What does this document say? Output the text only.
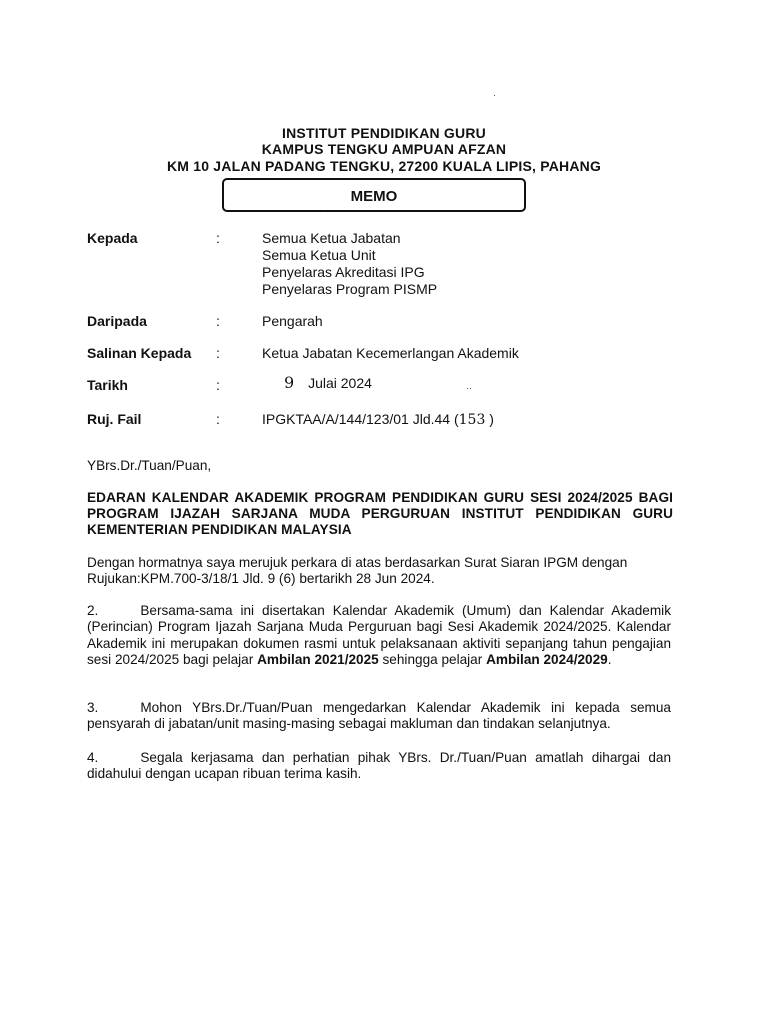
INSTITUT PENDIDIKAN GURU
KAMPUS TENGKU AMPUAN AFZAN
KM 10 JALAN PADANG TENGKU, 27200 KUALA LIPIS, PAHANG
MEMO
Kepada	:	Semua Ketua Jabatan
Semua Ketua Unit
Penyelaras Akreditasi IPG
Penyelaras Program PISMP
Daripada	:	Pengarah
Salinan Kepada :	Ketua Jabatan Kecemerlangan Akademik
Tarikh	:	9 Julai 2024
Ruj. Fail	:	IPGKTAA/A/144/123/01 Jld.44 (153 )
YBrs.Dr./Tuan/Puan,
EDARAN KALENDAR AKADEMIK PROGRAM PENDIDIKAN GURU SESI 2024/2025 BAGI PROGRAM IJAZAH SARJANA MUDA PERGURUAN INSTITUT PENDIDIKAN GURU KEMENTERIAN PENDIDIKAN MALAYSIA
Dengan hormatnya saya merujuk perkara di atas berdasarkan Surat Siaran IPGM dengan Rujukan:KPM.700-3/18/1 Jld. 9 (6) bertarikh 28 Jun 2024.
2.	Bersama-sama ini disertakan Kalendar Akademik (Umum) dan Kalendar Akademik (Perincian) Program Ijazah Sarjana Muda Perguruan bagi Sesi Akademik 2024/2025. Kalendar Akademik ini merupakan dokumen rasmi untuk pelaksanaan aktiviti sepanjang tahun pengajian sesi 2024/2025 bagi pelajar Ambilan 2021/2025 sehingga pelajar Ambilan 2024/2029.
3.	Mohon YBrs.Dr./Tuan/Puan mengedarkan Kalendar Akademik ini kepada semua pensyarah di jabatan/unit masing-masing sebagai makluman dan tindakan selanjutnya.
4.	Segala kerjasama dan perhatian pihak YBrs. Dr./Tuan/Puan amatlah dihargai dan didahului dengan ucapan ribuan terima kasih.
·
·
··
